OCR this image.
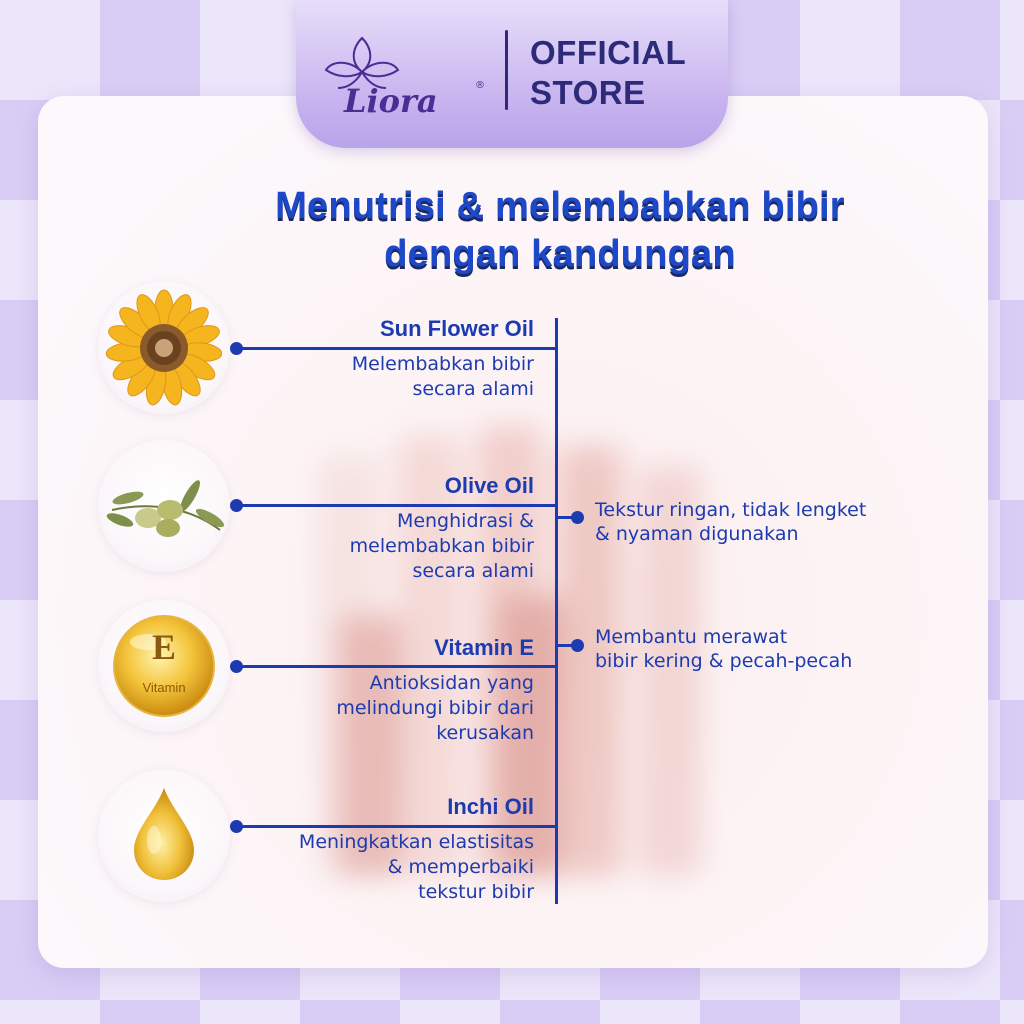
Liora	®
OFFICIAL
STORE
Menutrisi & melembabkan bibir
dengan kandungan
E
Vitamin
Sun Flower Oil
Melembabkan bibir
secara alami
Olive Oil
Menghidrasi &
melembabkan bibir
secara alami
Vitamin E
Antioksidan yang
melindungi bibir dari
kerusakan
Inchi Oil
Meningkatkan elastisitas
& memperbaiki
tekstur bibir
Tekstur ringan, tidak lengket
& nyaman digunakan
Membantu merawat
bibir kering & pecah-pecah
